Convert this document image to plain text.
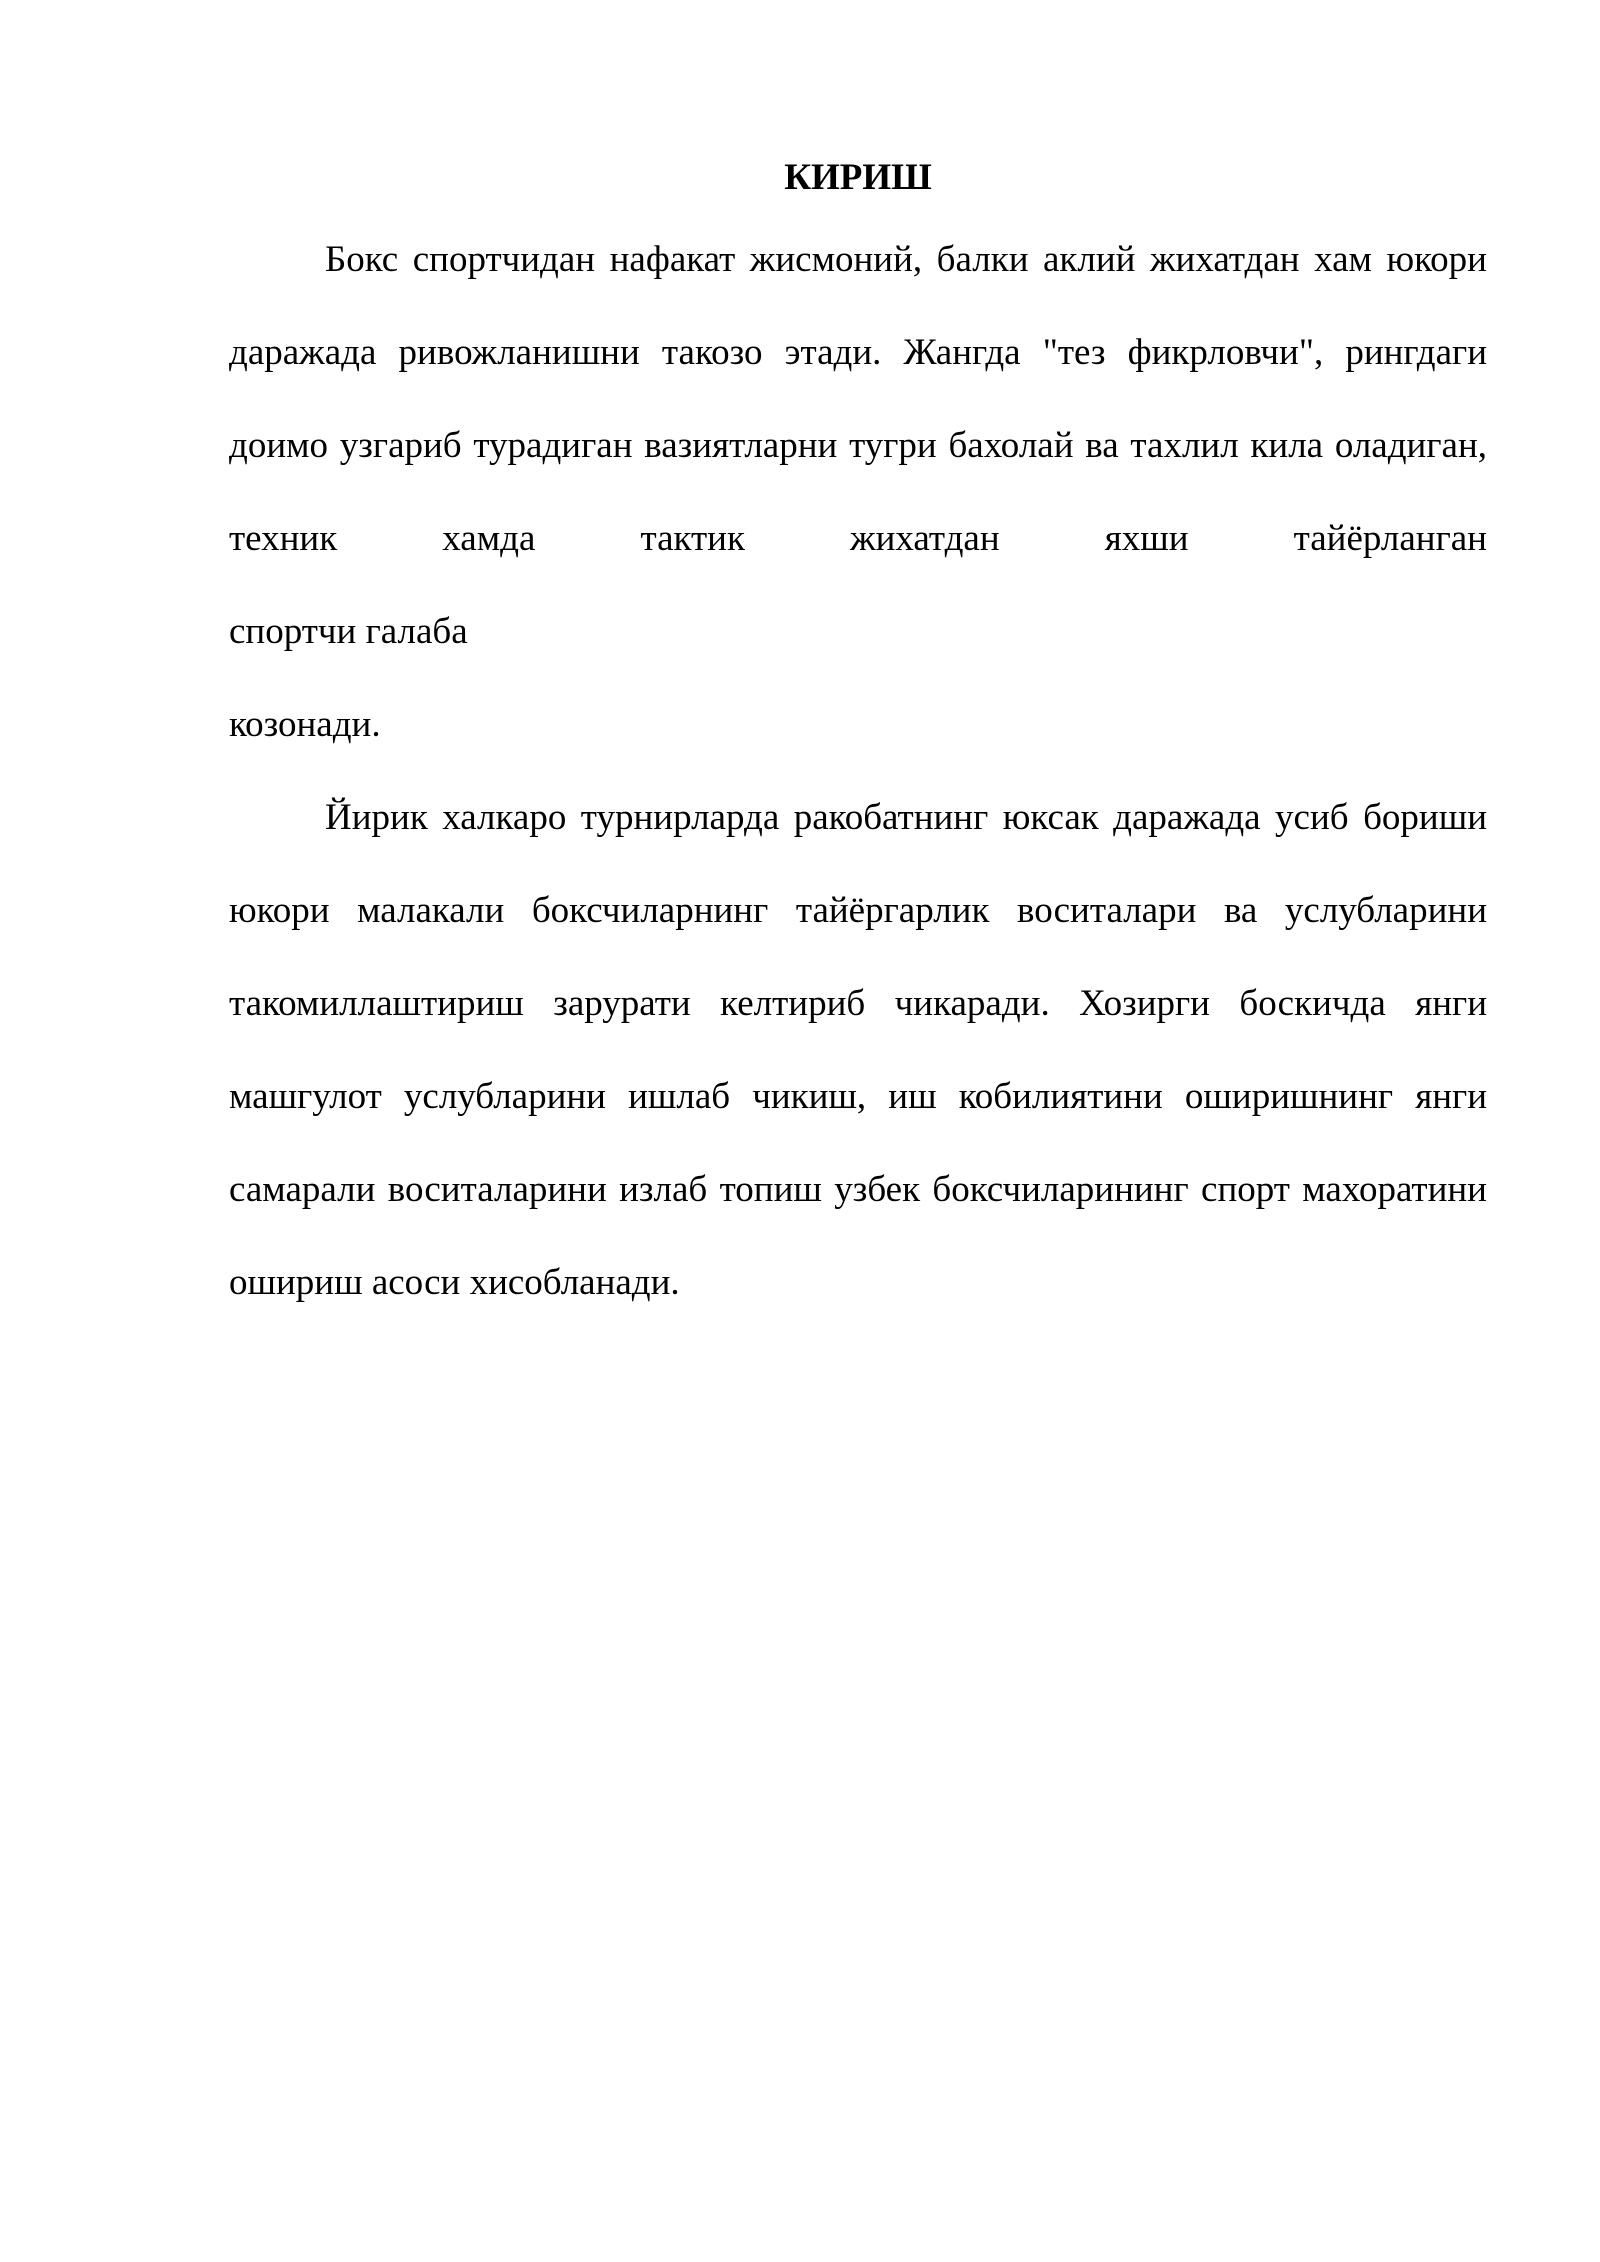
КИРИШ

Бокс спортчидан нафакат жисмоний, балки аклий жихатдан хам юкори даражада ривожланишни такозо этади. Жангда "тез фикрловчи", рингдаги доимо узгариб турадиган вазиятларни тугри бахолай ва тахлил кила оладиган, техник хамда тактик жихатдан яхши тайёрланган

спортчи галаба
козонади.

Йирик халкаро турнирларда ракобатнинг юксак даражада усиб бориши юкори малакали боксчиларнинг тайёргарлик воситалари ва услубларини такомиллаштириш зарурати келтириб чикаради. Хозирги боскичда янги машгулот услубларини ишлаб чикиш, иш кобилиятини оширишнинг янги самарали воситаларини излаб топиш узбек боксчиларининг спорт махоратини ошириш асоси хисобланади.
